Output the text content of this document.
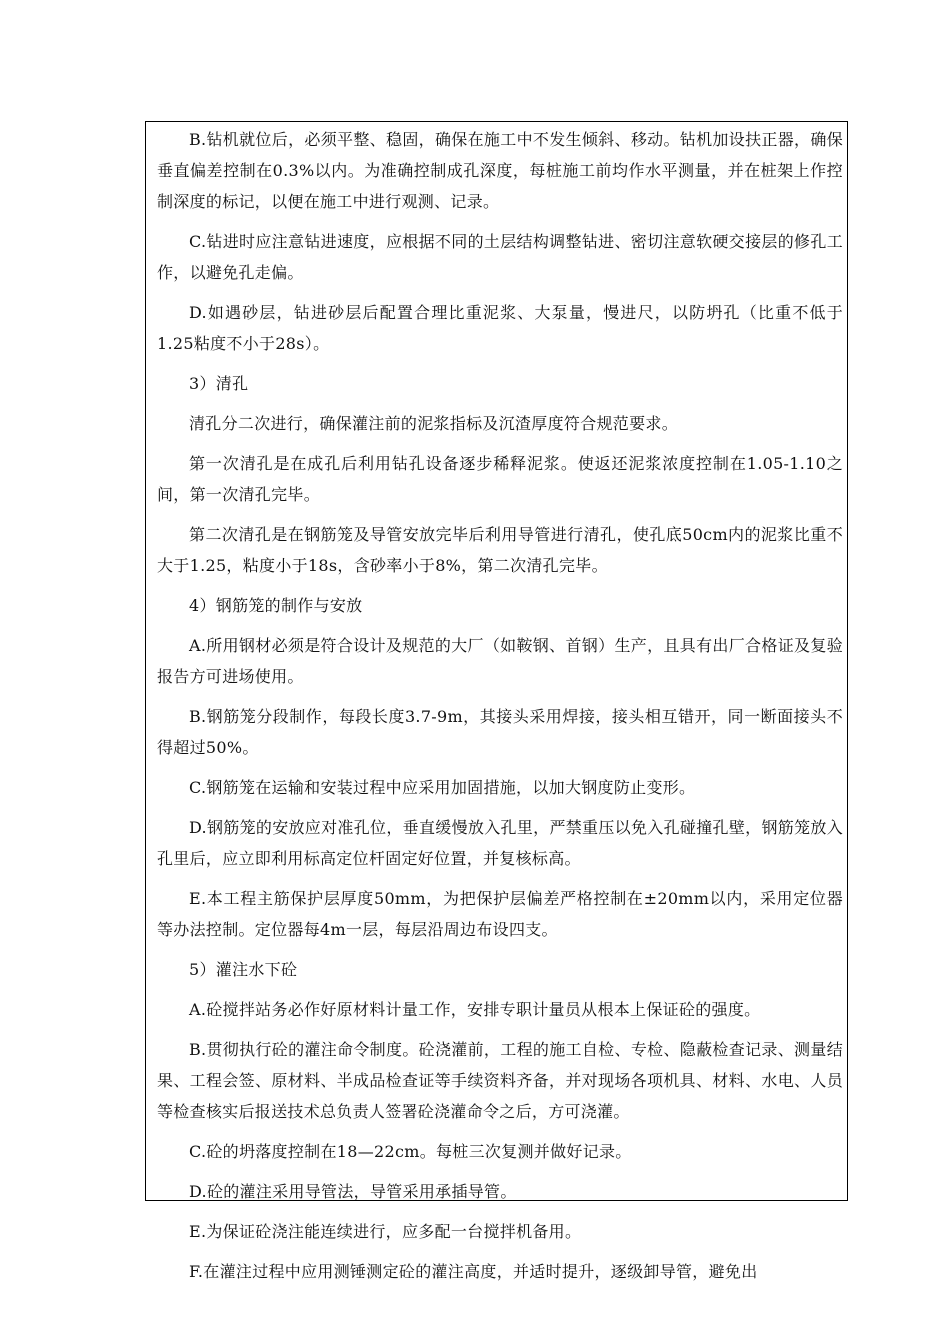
B.钻机就位后，必须平整、稳固，确保在施工中不发生倾斜、移动。钻机加设扶正器，确保垂直偏差控制在0.3%以内。为准确控制成孔深度，每桩施工前均作水平测量，并在桩架上作控制深度的标记，以便在施工中进行观测、记录。

C.钻进时应注意钻进速度，应根据不同的土层结构调整钻进、密切注意软硬交接层的修孔工作，以避免孔走偏。

D.如遇砂层，钻进砂层后配置合理比重泥浆、大泵量，慢进尺，以防坍孔（比重不低于1.25粘度不小于28s）。

3）清孔

清孔分二次进行，确保灌注前的泥浆指标及沉渣厚度符合规范要求。

第一次清孔是在成孔后利用钻孔设备逐步稀释泥浆。使返还泥浆浓度控制在1.05-1.10之间，第一次清孔完毕。

第二次清孔是在钢筋笼及导管安放完毕后利用导管进行清孔，使孔底50cm内的泥浆比重不大于1.25，粘度小于18s，含砂率小于8%，第二次清孔完毕。

4）钢筋笼的制作与安放

A.所用钢材必须是符合设计及规范的大厂（如鞍钢、首钢）生产，且具有出厂合格证及复验报告方可进场使用。

B.钢筋笼分段制作，每段长度3.7-9m，其接头采用焊接，接头相互错开，同一断面接头不得超过50%。

C.钢筋笼在运输和安装过程中应采用加固措施，以加大钢度防止变形。

D.钢筋笼的安放应对准孔位，垂直缓慢放入孔里，严禁重压以免入孔碰撞孔壁，钢筋笼放入孔里后，应立即利用标高定位杆固定好位置，并复核标高。

E.本工程主筋保护层厚度50mm，为把保护层偏差严格控制在±20mm以内，采用定位器等办法控制。定位器每4m一层，每层沿周边布设四支。

5）灌注水下砼

A.砼搅拌站务必作好原材料计量工作，安排专职计量员从根本上保证砼的强度。

B.贯彻执行砼的灌注命令制度。砼浇灌前，工程的施工自检、专检、隐蔽检查记录、测量结果、工程会签、原材料、半成品检查证等手续资料齐备，并对现场各项机具、材料、水电、人员等检查核实后报送技术总负责人签署砼浇灌命令之后，方可浇灌。

C.砼的坍落度控制在18—22cm。每桩三次复测并做好记录。

D.砼的灌注采用导管法，导管采用承插导管。

E.为保证砼浇注能连续进行，应多配一台搅拌机备用。

F.在灌注过程中应用测锤测定砼的灌注高度，并适时提升，逐级卸导管，避免出
